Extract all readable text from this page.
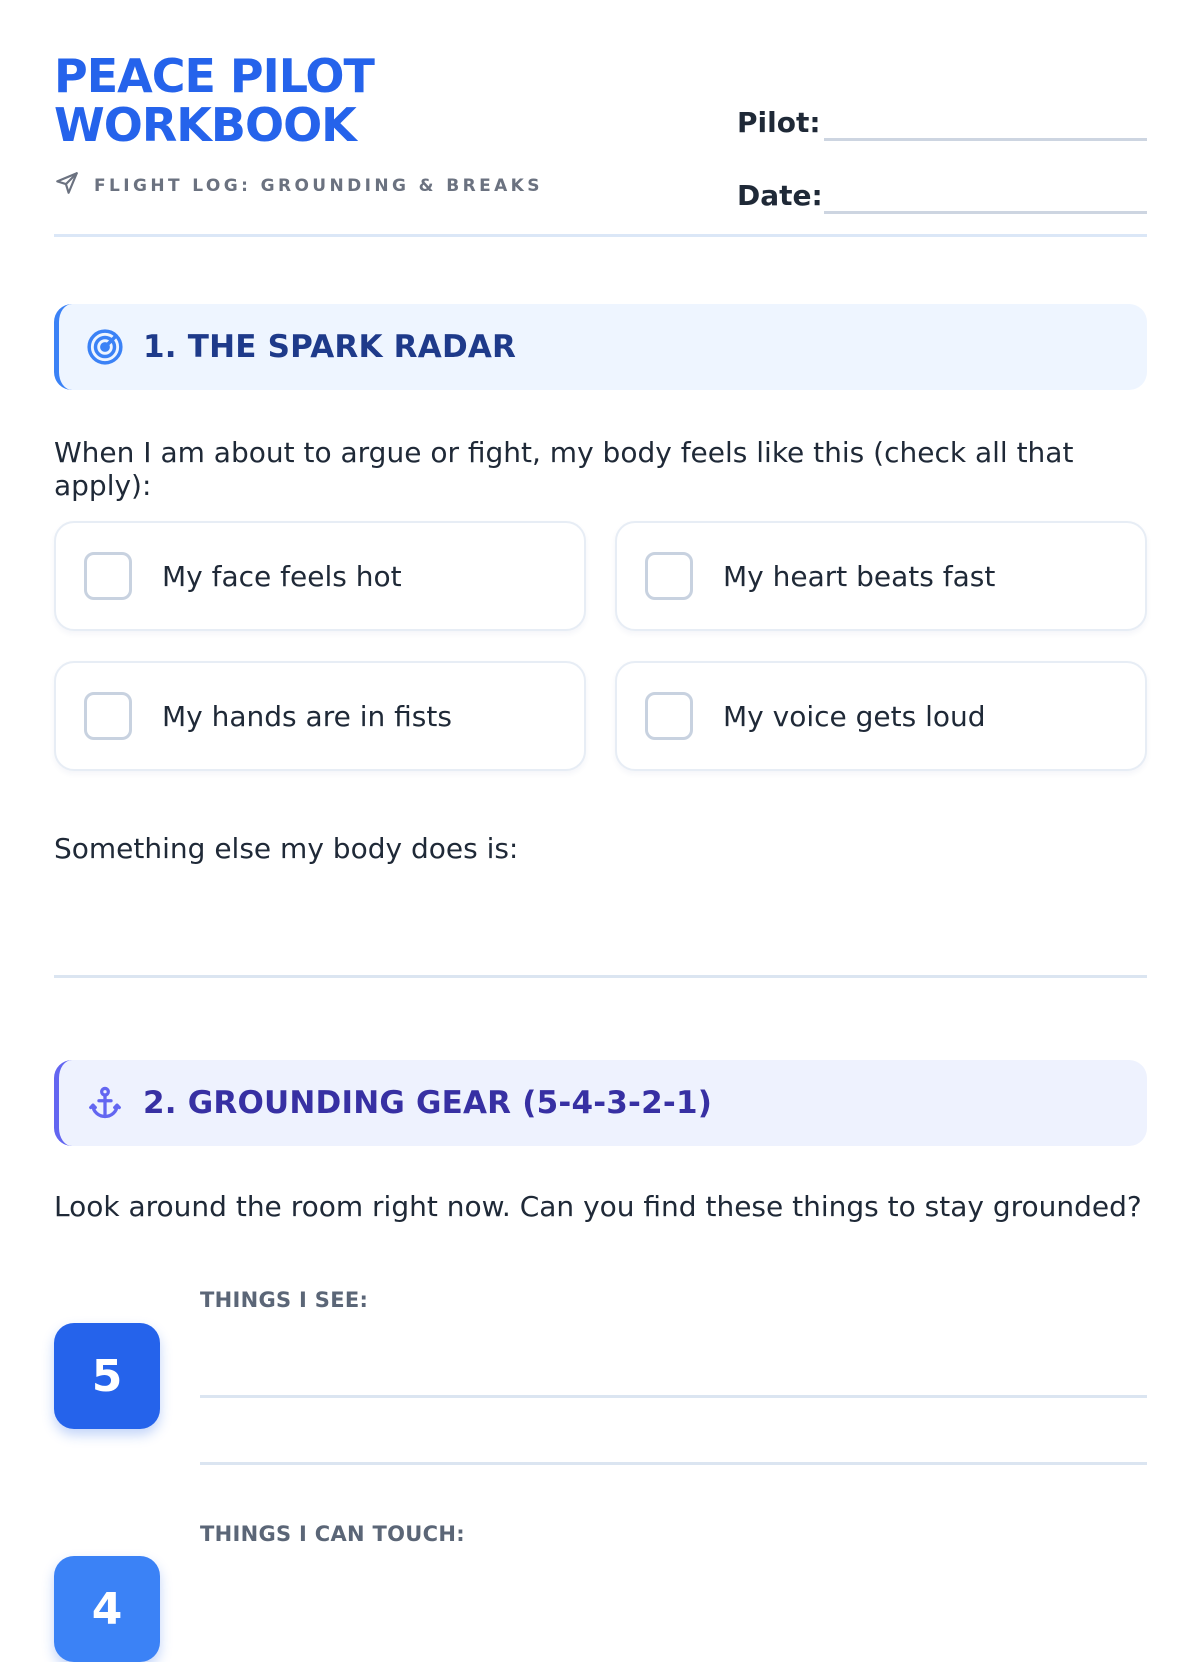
PEACE PILOT
WORKBOOK
FLIGHT LOG: GROUNDING & BREAKS
Pilot:
Date:
1. THE SPARK RADAR
When I am about to argue or fight, my body feels like this (check all that apply):
My face feels hot	My heart beats fast
My hands are in fists	My voice gets loud
Something else my body does is:
2. GROUNDING GEAR (5-4-3-2-1)
Look around the room right now. Can you find these things to stay grounded?
THINGS I SEE:
5
THINGS I CAN TOUCH:
4
